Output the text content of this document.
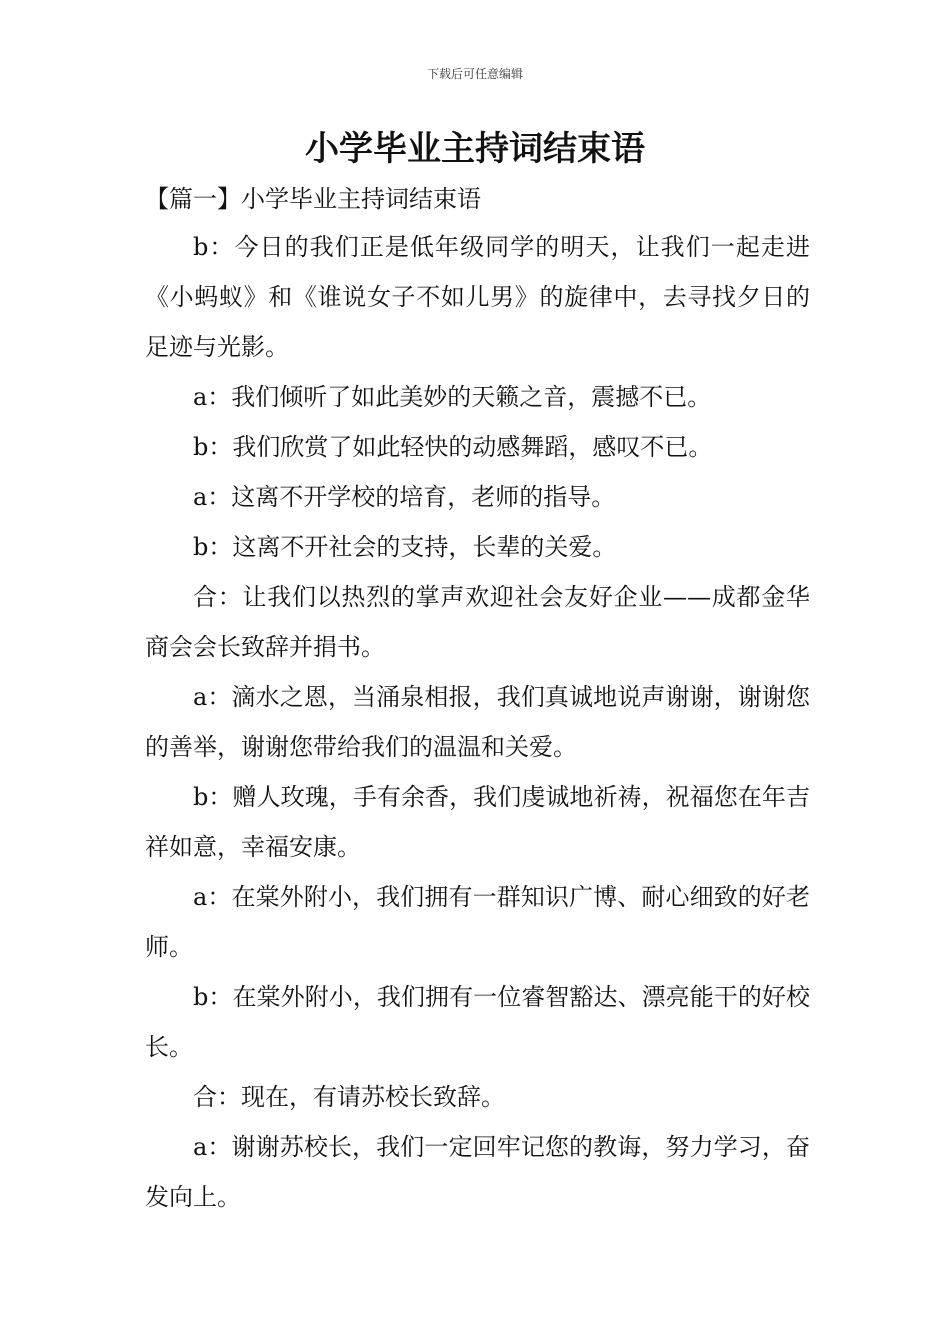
下载后可任意编辑
小学毕业主持词结束语

【篇一】小学毕业主持词结束语

b：今日的我们正是低年级同学的明天，让我们一起走进《小蚂蚁》和《谁说女子不如儿男》的旋律中，去寻找夕日的足迹与光影。

a：我们倾听了如此美妙的天籁之音，震撼不已。

b：我们欣赏了如此轻快的动感舞蹈，感叹不已。

a：这离不开学校的培育，老师的指导。

b：这离不开社会的支持，长辈的关爱。

合：让我们以热烈的掌声欢迎社会友好企业——成都金华商会会长致辞并捐书。

a：滴水之恩，当涌泉相报，我们真诚地说声谢谢，谢谢您的善举，谢谢您带给我们的温温和关爱。

b：赠人玫瑰，手有余香，我们虔诚地祈祷，祝福您在年吉祥如意，幸福安康。

a：在棠外附小，我们拥有一群知识广博、耐心细致的好老师。

b：在棠外附小，我们拥有一位睿智豁达、漂亮能干的好校长。

合：现在，有请苏校长致辞。

a：谢谢苏校长，我们一定回牢记您的教诲，努力学习，奋发向上。
